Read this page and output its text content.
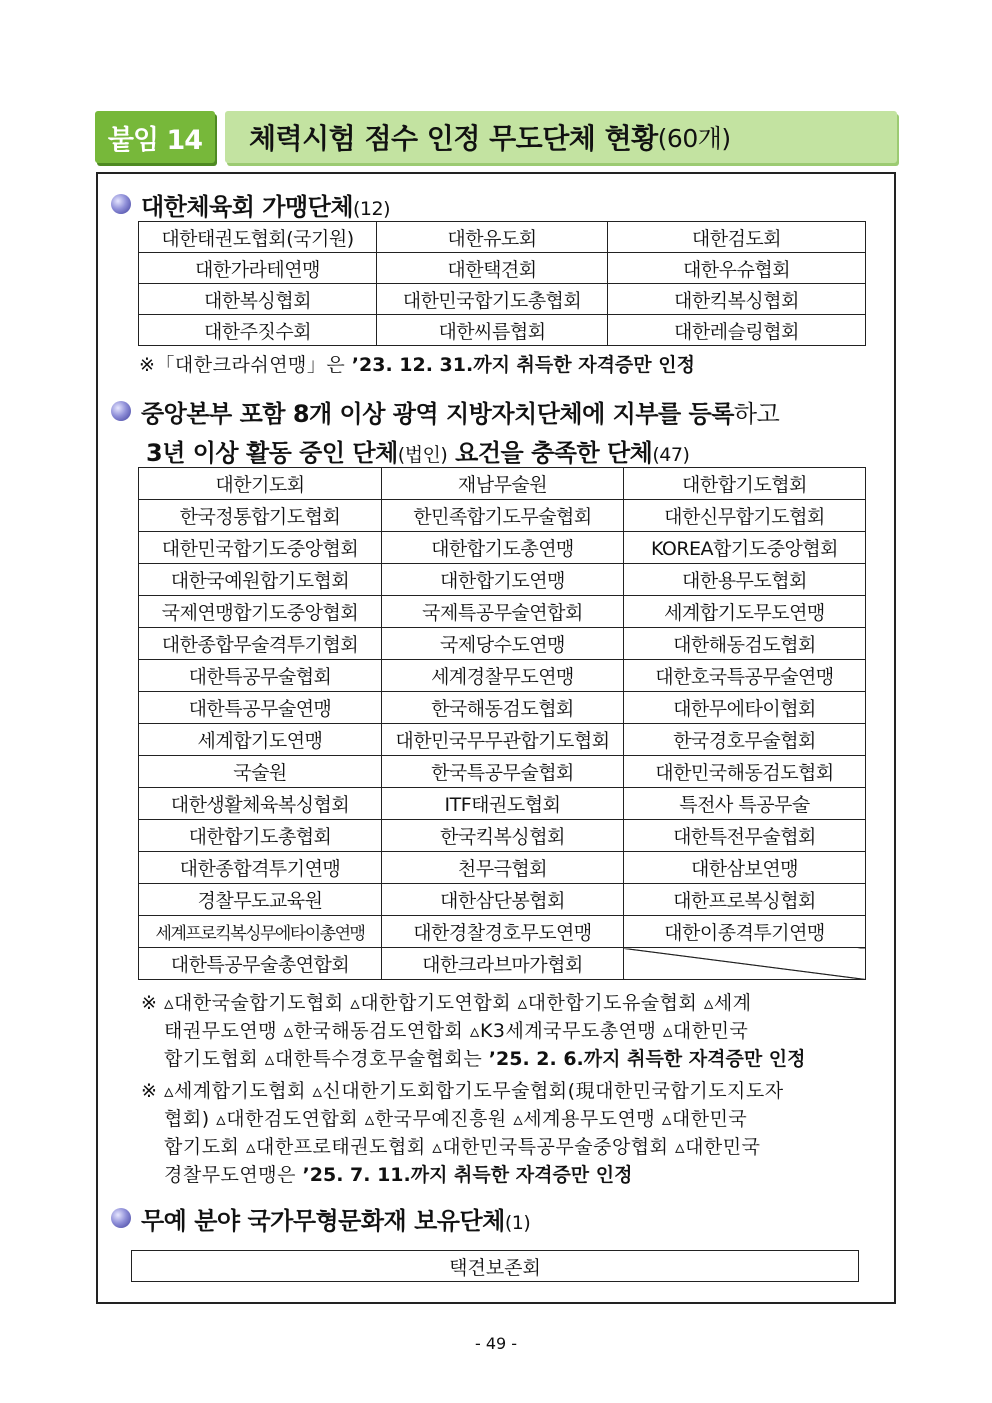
붙임 14	체력시험 점수 인정 무도단체 현황 (60개)
대한체육회 가맹단체(12)
대한태권도협회(국기원)	대한유도회	대한검도회
대한가라테연맹	대한택견회	대한우슈협회
대한복싱협회	대한민국합기도총협회	대한킥복싱협회
대한주짓수회	대한씨름협회	대한레슬링협회
※「대한크라쉬연맹」은 ’23. 12. 31.까지 취득한 자격증만 인정
중앙본부 포함 8개 이상 광역 지방자치단체에 지부를 등록하고
3년 이상 활동 중인 단체(법인) 요건을 충족한 단체(47)
대한기도회	재남무술원	대한합기도협회
한국정통합기도협회	한민족합기도무술협회	대한신무합기도협회
대한민국합기도중앙협회	대한합기도총연맹	KOREA합기도중앙협회
대한국예원합기도협회	대한합기도연맹	대한용무도협회
국제연맹합기도중앙협회	국제특공무술연합회	세계합기도무도연맹
대한종합무술격투기협회	국제당수도연맹	대한해동검도협회
대한특공무술협회	세계경찰무도연맹	대한호국특공무술연맹
대한특공무술연맹	한국해동검도협회	대한무에타이협회
세계합기도연맹	대한민국무무관합기도협회	한국경호무술협회
국술원	한국특공무술협회	대한민국해동검도협회
대한생활체육복싱협회	ITF태권도협회	특전사 특공무술
대한합기도총협회	한국킥복싱협회	대한특전무술협회
대한종합격투기연맹	천무극협회	대한삼보연맹
경찰무도교육원	대한삼단봉협회	대한프로복싱협회
세계프로킥복싱무에타이총연맹	대한경찰경호무도연맹	대한이종격투기연맹
대한특공무술총연합회	대한크라브마가협회	
※ ▵대한국술합기도협회 ▵대한합기도연합회 ▵대한합기도유술협회 ▵세계
태권무도연맹 ▵한국해동검도연합회 ▵K3세계국무도총연맹 ▵대한민국
합기도협회 ▵대한특수경호무술협회는 ’25. 2. 6.까지 취득한 자격증만 인정
※ ▵세계합기도협회 ▵신대한기도회합기도무술협회(現대한민국합기도지도자
협회) ▵대한검도연합회 ▵한국무예진흥원 ▵세계용무도연맹 ▵대한민국
합기도회 ▵대한프로태권도협회 ▵대한민국특공무술중앙협회 ▵대한민국
경찰무도연맹은 ’25. 7. 11.까지 취득한 자격증만 인정
무예 분야 국가무형문화재 보유단체(1)
택견보존회
- 49 -
